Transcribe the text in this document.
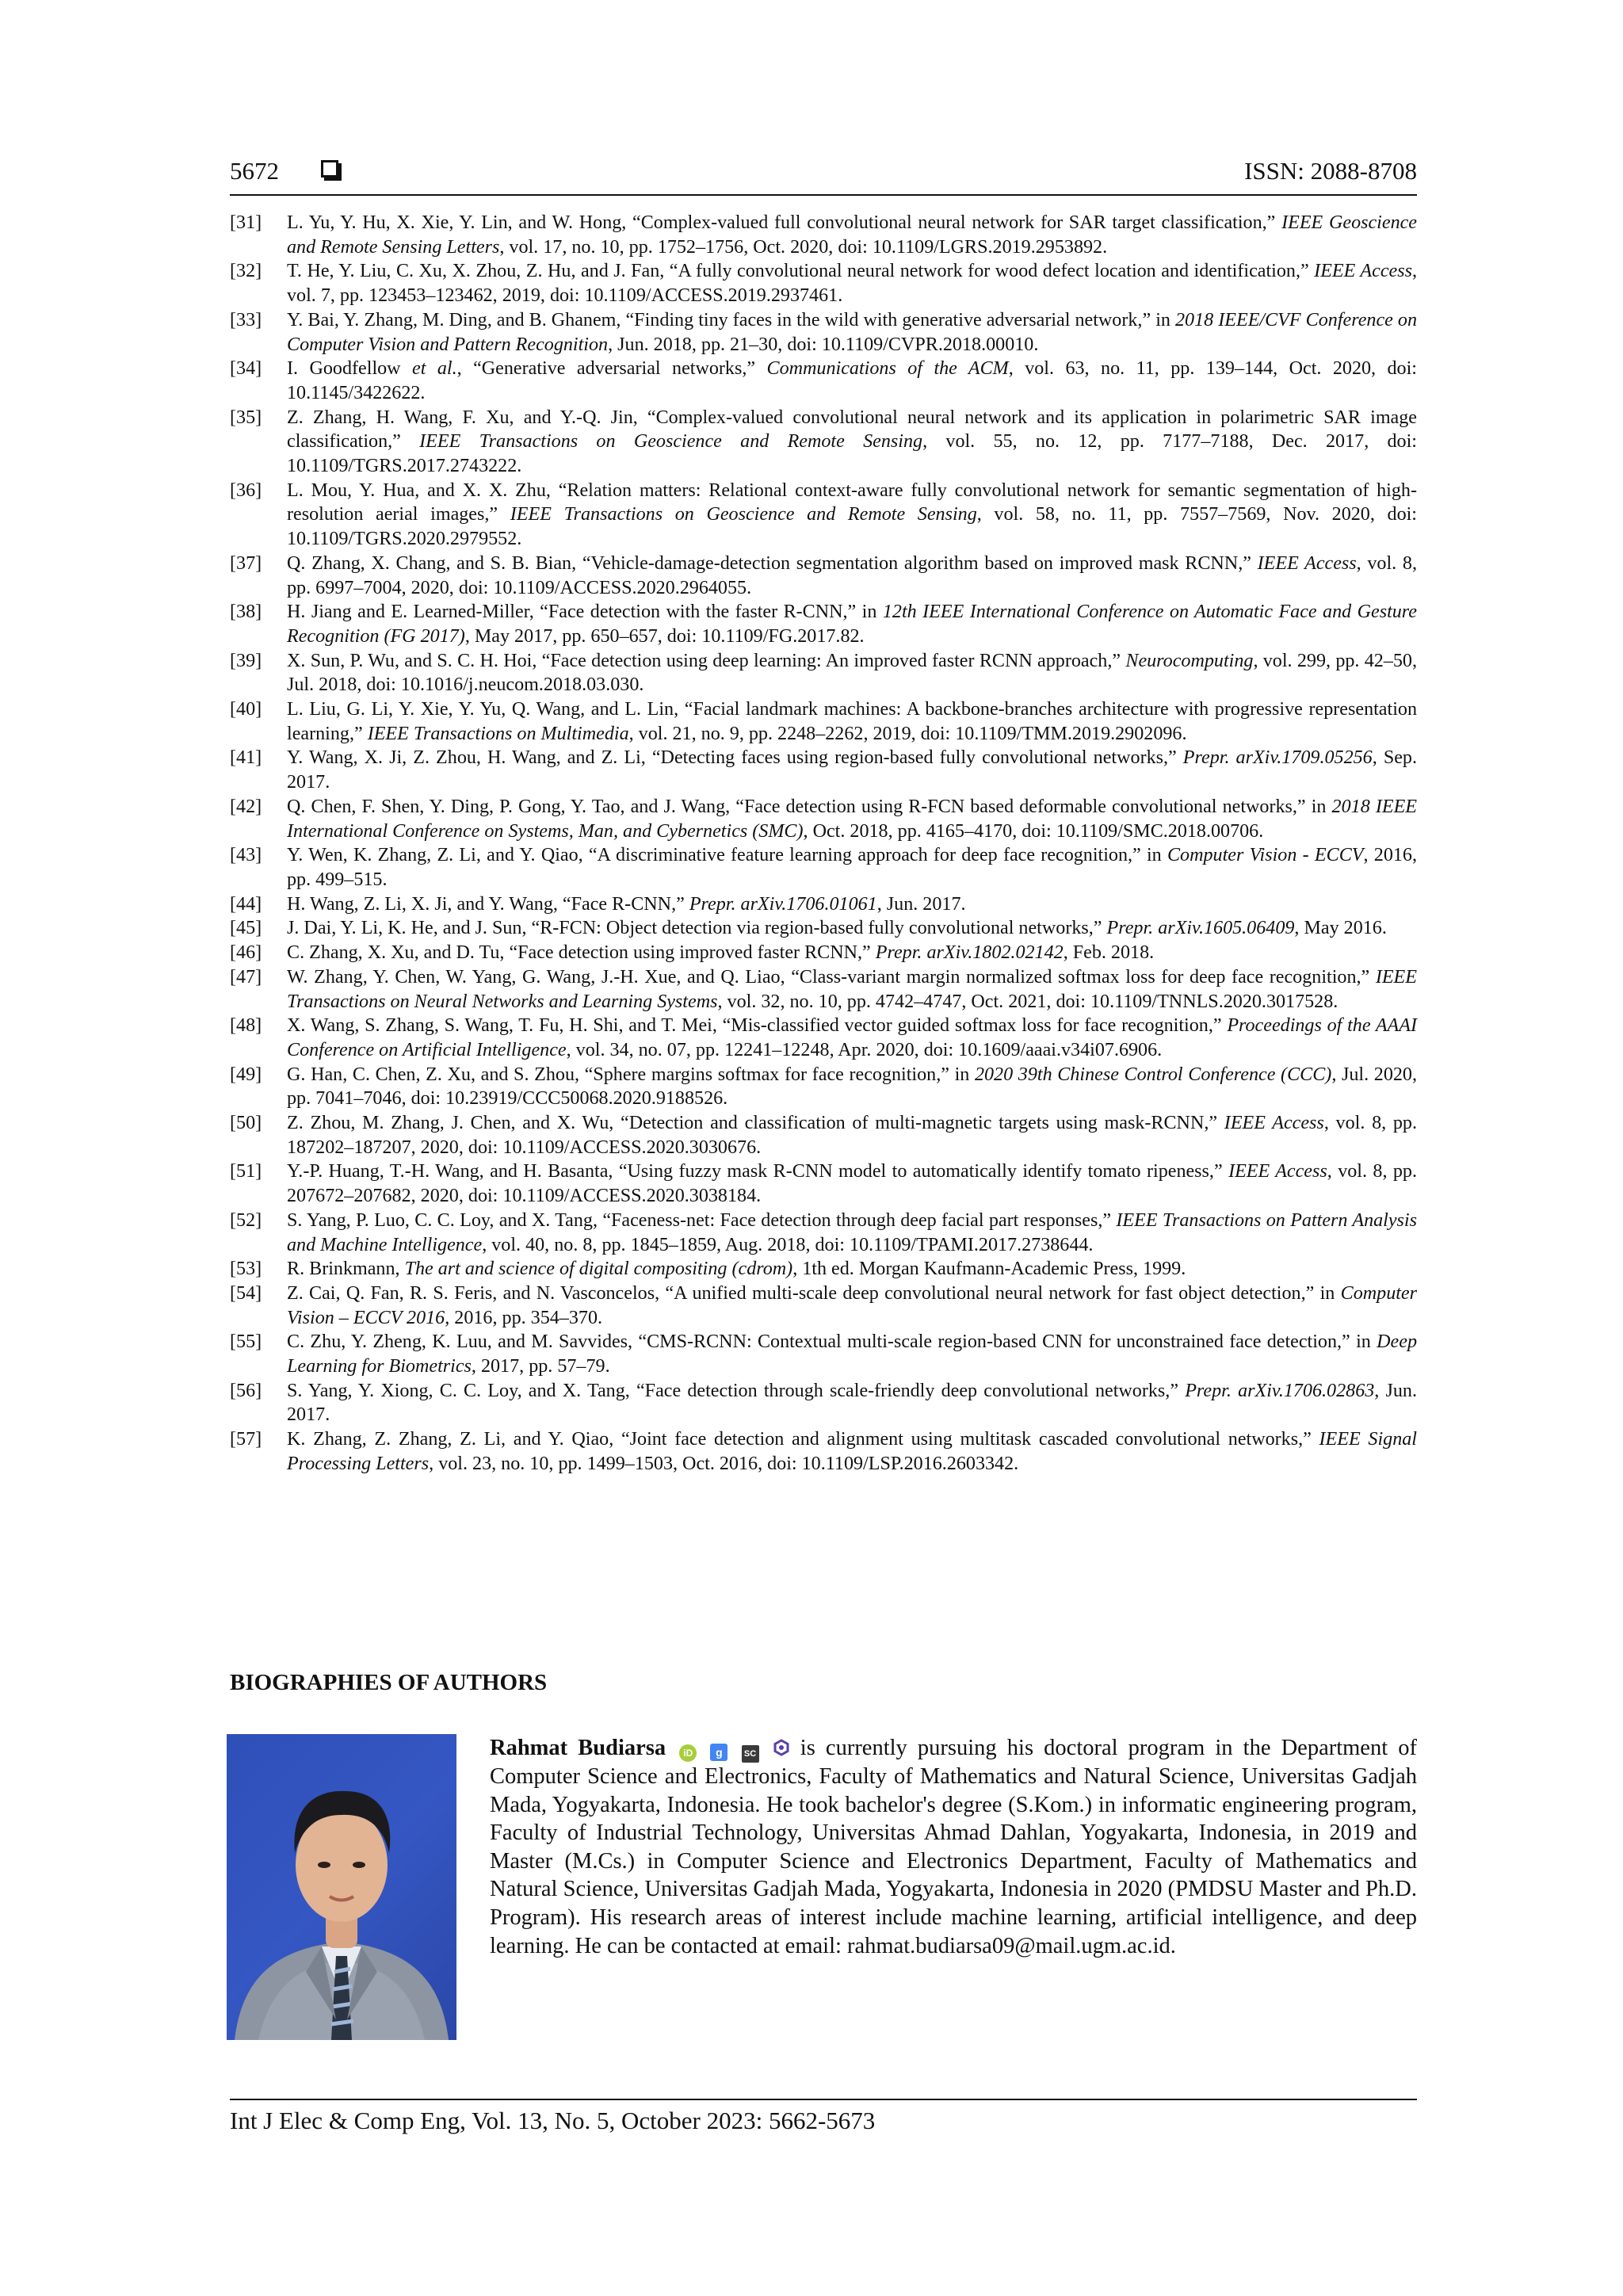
5672	ISSN: 2088-8708
[31] L. Yu, Y. Hu, X. Xie, Y. Lin, and W. Hong, “Complex-valued full convolutional neural network for SAR target classification,” IEEE Geoscience and Remote Sensing Letters, vol. 17, no. 10, pp. 1752–1756, Oct. 2020, doi: 10.1109/LGRS.2019.2953892.
[32] T. He, Y. Liu, C. Xu, X. Zhou, Z. Hu, and J. Fan, “A fully convolutional neural network for wood defect location and identification,” IEEE Access, vol. 7, pp. 123453–123462, 2019, doi: 10.1109/ACCESS.2019.2937461.
[33] Y. Bai, Y. Zhang, M. Ding, and B. Ghanem, “Finding tiny faces in the wild with generative adversarial network,” in 2018 IEEE/CVF Conference on Computer Vision and Pattern Recognition, Jun. 2018, pp. 21–30, doi: 10.1109/CVPR.2018.00010.
[34] I. Goodfellow et al., “Generative adversarial networks,” Communications of the ACM, vol. 63, no. 11, pp. 139–144, Oct. 2020, doi: 10.1145/3422622.
[35] Z. Zhang, H. Wang, F. Xu, and Y.-Q. Jin, “Complex-valued convolutional neural network and its application in polarimetric SAR image classification,” IEEE Transactions on Geoscience and Remote Sensing, vol. 55, no. 12, pp. 7177–7188, Dec. 2017, doi: 10.1109/TGRS.2017.2743222.
[36] L. Mou, Y. Hua, and X. X. Zhu, “Relation matters: Relational context-aware fully convolutional network for semantic segmentation of high-resolution aerial images,” IEEE Transactions on Geoscience and Remote Sensing, vol. 58, no. 11, pp. 7557–7569, Nov. 2020, doi: 10.1109/TGRS.2020.2979552.
[37] Q. Zhang, X. Chang, and S. B. Bian, “Vehicle-damage-detection segmentation algorithm based on improved mask RCNN,” IEEE Access, vol. 8, pp. 6997–7004, 2020, doi: 10.1109/ACCESS.2020.2964055.
[38] H. Jiang and E. Learned-Miller, “Face detection with the faster R-CNN,” in 12th IEEE International Conference on Automatic Face and Gesture Recognition (FG 2017), May 2017, pp. 650–657, doi: 10.1109/FG.2017.82.
[39] X. Sun, P. Wu, and S. C. H. Hoi, “Face detection using deep learning: An improved faster RCNN approach,” Neurocomputing, vol. 299, pp. 42–50, Jul. 2018, doi: 10.1016/j.neucom.2018.03.030.
[40] L. Liu, G. Li, Y. Xie, Y. Yu, Q. Wang, and L. Lin, “Facial landmark machines: A backbone-branches architecture with progressive representation learning,” IEEE Transactions on Multimedia, vol. 21, no. 9, pp. 2248–2262, 2019, doi: 10.1109/TMM.2019.2902096.
[41] Y. Wang, X. Ji, Z. Zhou, H. Wang, and Z. Li, “Detecting faces using region-based fully convolutional networks,” Prepr. arXiv.1709.05256, Sep. 2017.
[42] Q. Chen, F. Shen, Y. Ding, P. Gong, Y. Tao, and J. Wang, “Face detection using R-FCN based deformable convolutional networks,” in 2018 IEEE International Conference on Systems, Man, and Cybernetics (SMC), Oct. 2018, pp. 4165–4170, doi: 10.1109/SMC.2018.00706.
[43] Y. Wen, K. Zhang, Z. Li, and Y. Qiao, “A discriminative feature learning approach for deep face recognition,” in Computer Vision - ECCV, 2016, pp. 499–515.
[44] H. Wang, Z. Li, X. Ji, and Y. Wang, “Face R-CNN,” Prepr. arXiv.1706.01061, Jun. 2017.
[45] J. Dai, Y. Li, K. He, and J. Sun, “R-FCN: Object detection via region-based fully convolutional networks,” Prepr. arXiv.1605.06409, May 2016.
[46] C. Zhang, X. Xu, and D. Tu, “Face detection using improved faster RCNN,” Prepr. arXiv.1802.02142, Feb. 2018.
[47] W. Zhang, Y. Chen, W. Yang, G. Wang, J.-H. Xue, and Q. Liao, “Class-variant margin normalized softmax loss for deep face recognition,” IEEE Transactions on Neural Networks and Learning Systems, vol. 32, no. 10, pp. 4742–4747, Oct. 2021, doi: 10.1109/TNNLS.2020.3017528.
[48] X. Wang, S. Zhang, S. Wang, T. Fu, H. Shi, and T. Mei, “Mis-classified vector guided softmax loss for face recognition,” Proceedings of the AAAI Conference on Artificial Intelligence, vol. 34, no. 07, pp. 12241–12248, Apr. 2020, doi: 10.1609/aaai.v34i07.6906.
[49] G. Han, C. Chen, Z. Xu, and S. Zhou, “Sphere margins softmax for face recognition,” in 2020 39th Chinese Control Conference (CCC), Jul. 2020, pp. 7041–7046, doi: 10.23919/CCC50068.2020.9188526.
[50] Z. Zhou, M. Zhang, J. Chen, and X. Wu, “Detection and classification of multi-magnetic targets using mask-RCNN,” IEEE Access, vol. 8, pp. 187202–187207, 2020, doi: 10.1109/ACCESS.2020.3030676.
[51] Y.-P. Huang, T.-H. Wang, and H. Basanta, “Using fuzzy mask R-CNN model to automatically identify tomato ripeness,” IEEE Access, vol. 8, pp. 207672–207682, 2020, doi: 10.1109/ACCESS.2020.3038184.
[52] S. Yang, P. Luo, C. C. Loy, and X. Tang, “Faceness-net: Face detection through deep facial part responses,” IEEE Transactions on Pattern Analysis and Machine Intelligence, vol. 40, no. 8, pp. 1845–1859, Aug. 2018, doi: 10.1109/TPAMI.2017.2738644.
[53] R. Brinkmann, The art and science of digital compositing (cdrom), 1th ed. Morgan Kaufmann-Academic Press, 1999.
[54] Z. Cai, Q. Fan, R. S. Feris, and N. Vasconcelos, “A unified multi-scale deep convolutional neural network for fast object detection,” in Computer Vision – ECCV 2016, 2016, pp. 354–370.
[55] C. Zhu, Y. Zheng, K. Luu, and M. Savvides, “CMS-RCNN: Contextual multi-scale region-based CNN for unconstrained face detection,” in Deep Learning for Biometrics, 2017, pp. 57–79.
[56] S. Yang, Y. Xiong, C. C. Loy, and X. Tang, “Face detection through scale-friendly deep convolutional networks,” Prepr. arXiv.1706.02863, Jun. 2017.
[57] K. Zhang, Z. Zhang, Z. Li, and Y. Qiao, “Joint face detection and alignment using multitask cascaded convolutional networks,” IEEE Signal Processing Letters, vol. 23, no. 10, pp. 1499–1503, Oct. 2016, doi: 10.1109/LSP.2016.2603342.
BIOGRAPHIES OF AUTHORS
Rahmat Budiarsa iD g SC is currently pursuing his doctoral program in the Department of Computer Science and Electronics, Faculty of Mathematics and Natural Science, Universitas Gadjah Mada, Yogyakarta, Indonesia. He took bachelor's degree (S.Kom.) in informatic engineering program, Faculty of Industrial Technology, Universitas Ahmad Dahlan, Yogyakarta, Indonesia, in 2019 and Master (M.Cs.) in Computer Science and Electronics Department, Faculty of Mathematics and Natural Science, Universitas Gadjah Mada, Yogyakarta, Indonesia in 2020 (PMDSU Master and Ph.D. Program). His research areas of interest include machine learning, artificial intelligence, and deep learning. He can be contacted at email: rahmat.budiarsa09@mail.ugm.ac.id.
Int J Elec & Comp Eng, Vol. 13, No. 5, October 2023: 5662-5673
